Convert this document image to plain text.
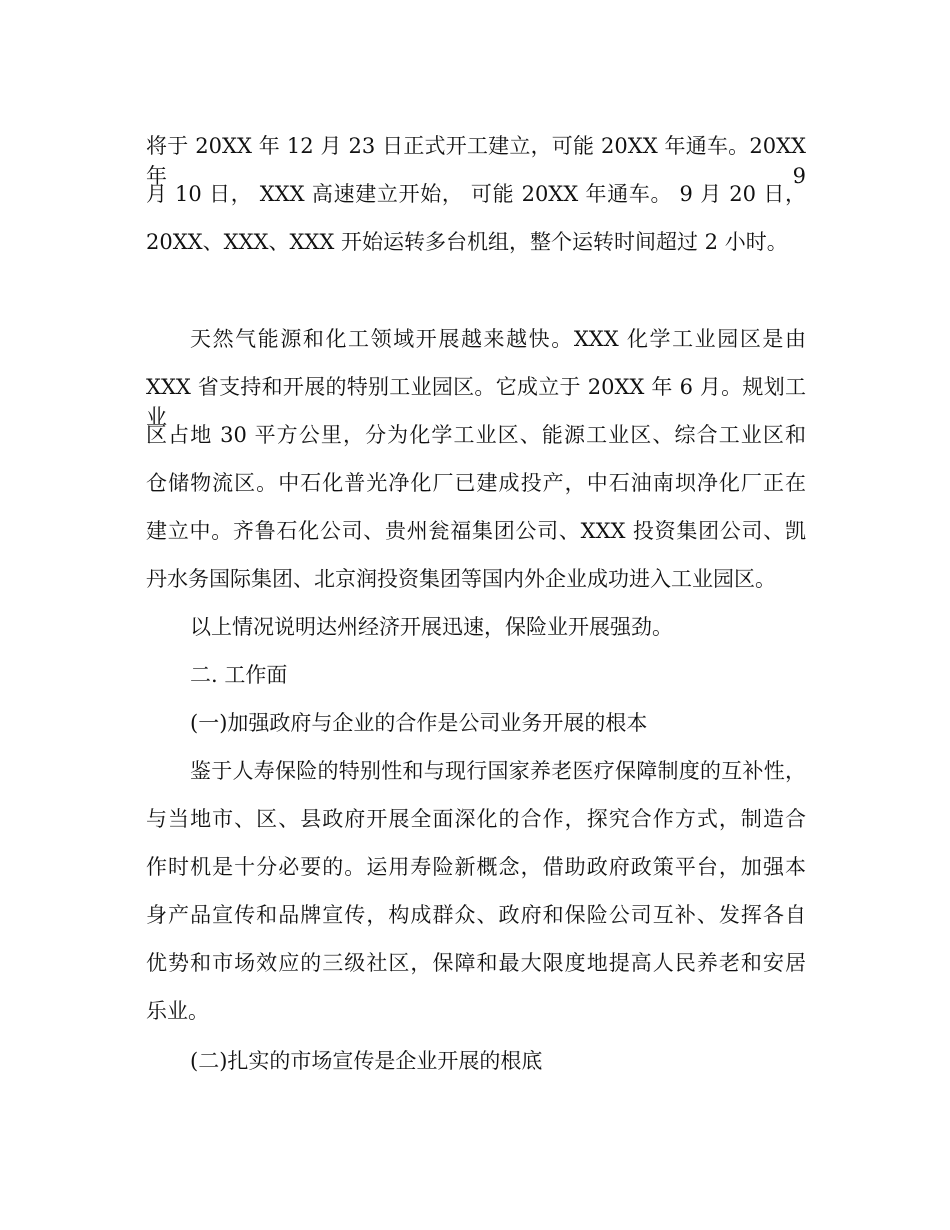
将于 20XX 年 12 月 23 日正式开工建立，可能 20XX 年通车。20XX 年 9
月 10 日， XXX 高速建立开始， 可能 20XX 年通车。 9 月 20 日，
20XX、XXX、XXX 开始运转多台机组，整个运转时间超过 2 小时。
天然气能源和化工领域开展越来越快。XXX 化学工业园区是由
XXX 省支持和开展的特别工业园区。它成立于 20XX 年 6 月。规划工业
区占地 30 平方公里，分为化学工业区、能源工业区、综合工业区和
仓储物流区。中石化普光净化厂已建成投产，中石油南坝净化厂正在
建立中。齐鲁石化公司、贵州瓮福集团公司、XXX 投资集团公司、凯
丹水务国际集团、北京润投资集团等国内外企业成功进入工业园区。
以上情况说明达州经济开展迅速，保险业开展强劲。
二. 工作面
(一)加强政府与企业的合作是公司业务开展的根本
鉴于人寿保险的特别性和与现行国家养老医疗保障制度的互补性，
与当地市、区、县政府开展全面深化的合作，探究合作方式，制造合
作时机是十分必要的。运用寿险新概念，借助政府政策平台，加强本
身产品宣传和品牌宣传，构成群众、政府和保险公司互补、发挥各自
优势和市场效应的三级社区，保障和最大限度地提高人民养老和安居
乐业。
(二)扎实的市场宣传是企业开展的根底
